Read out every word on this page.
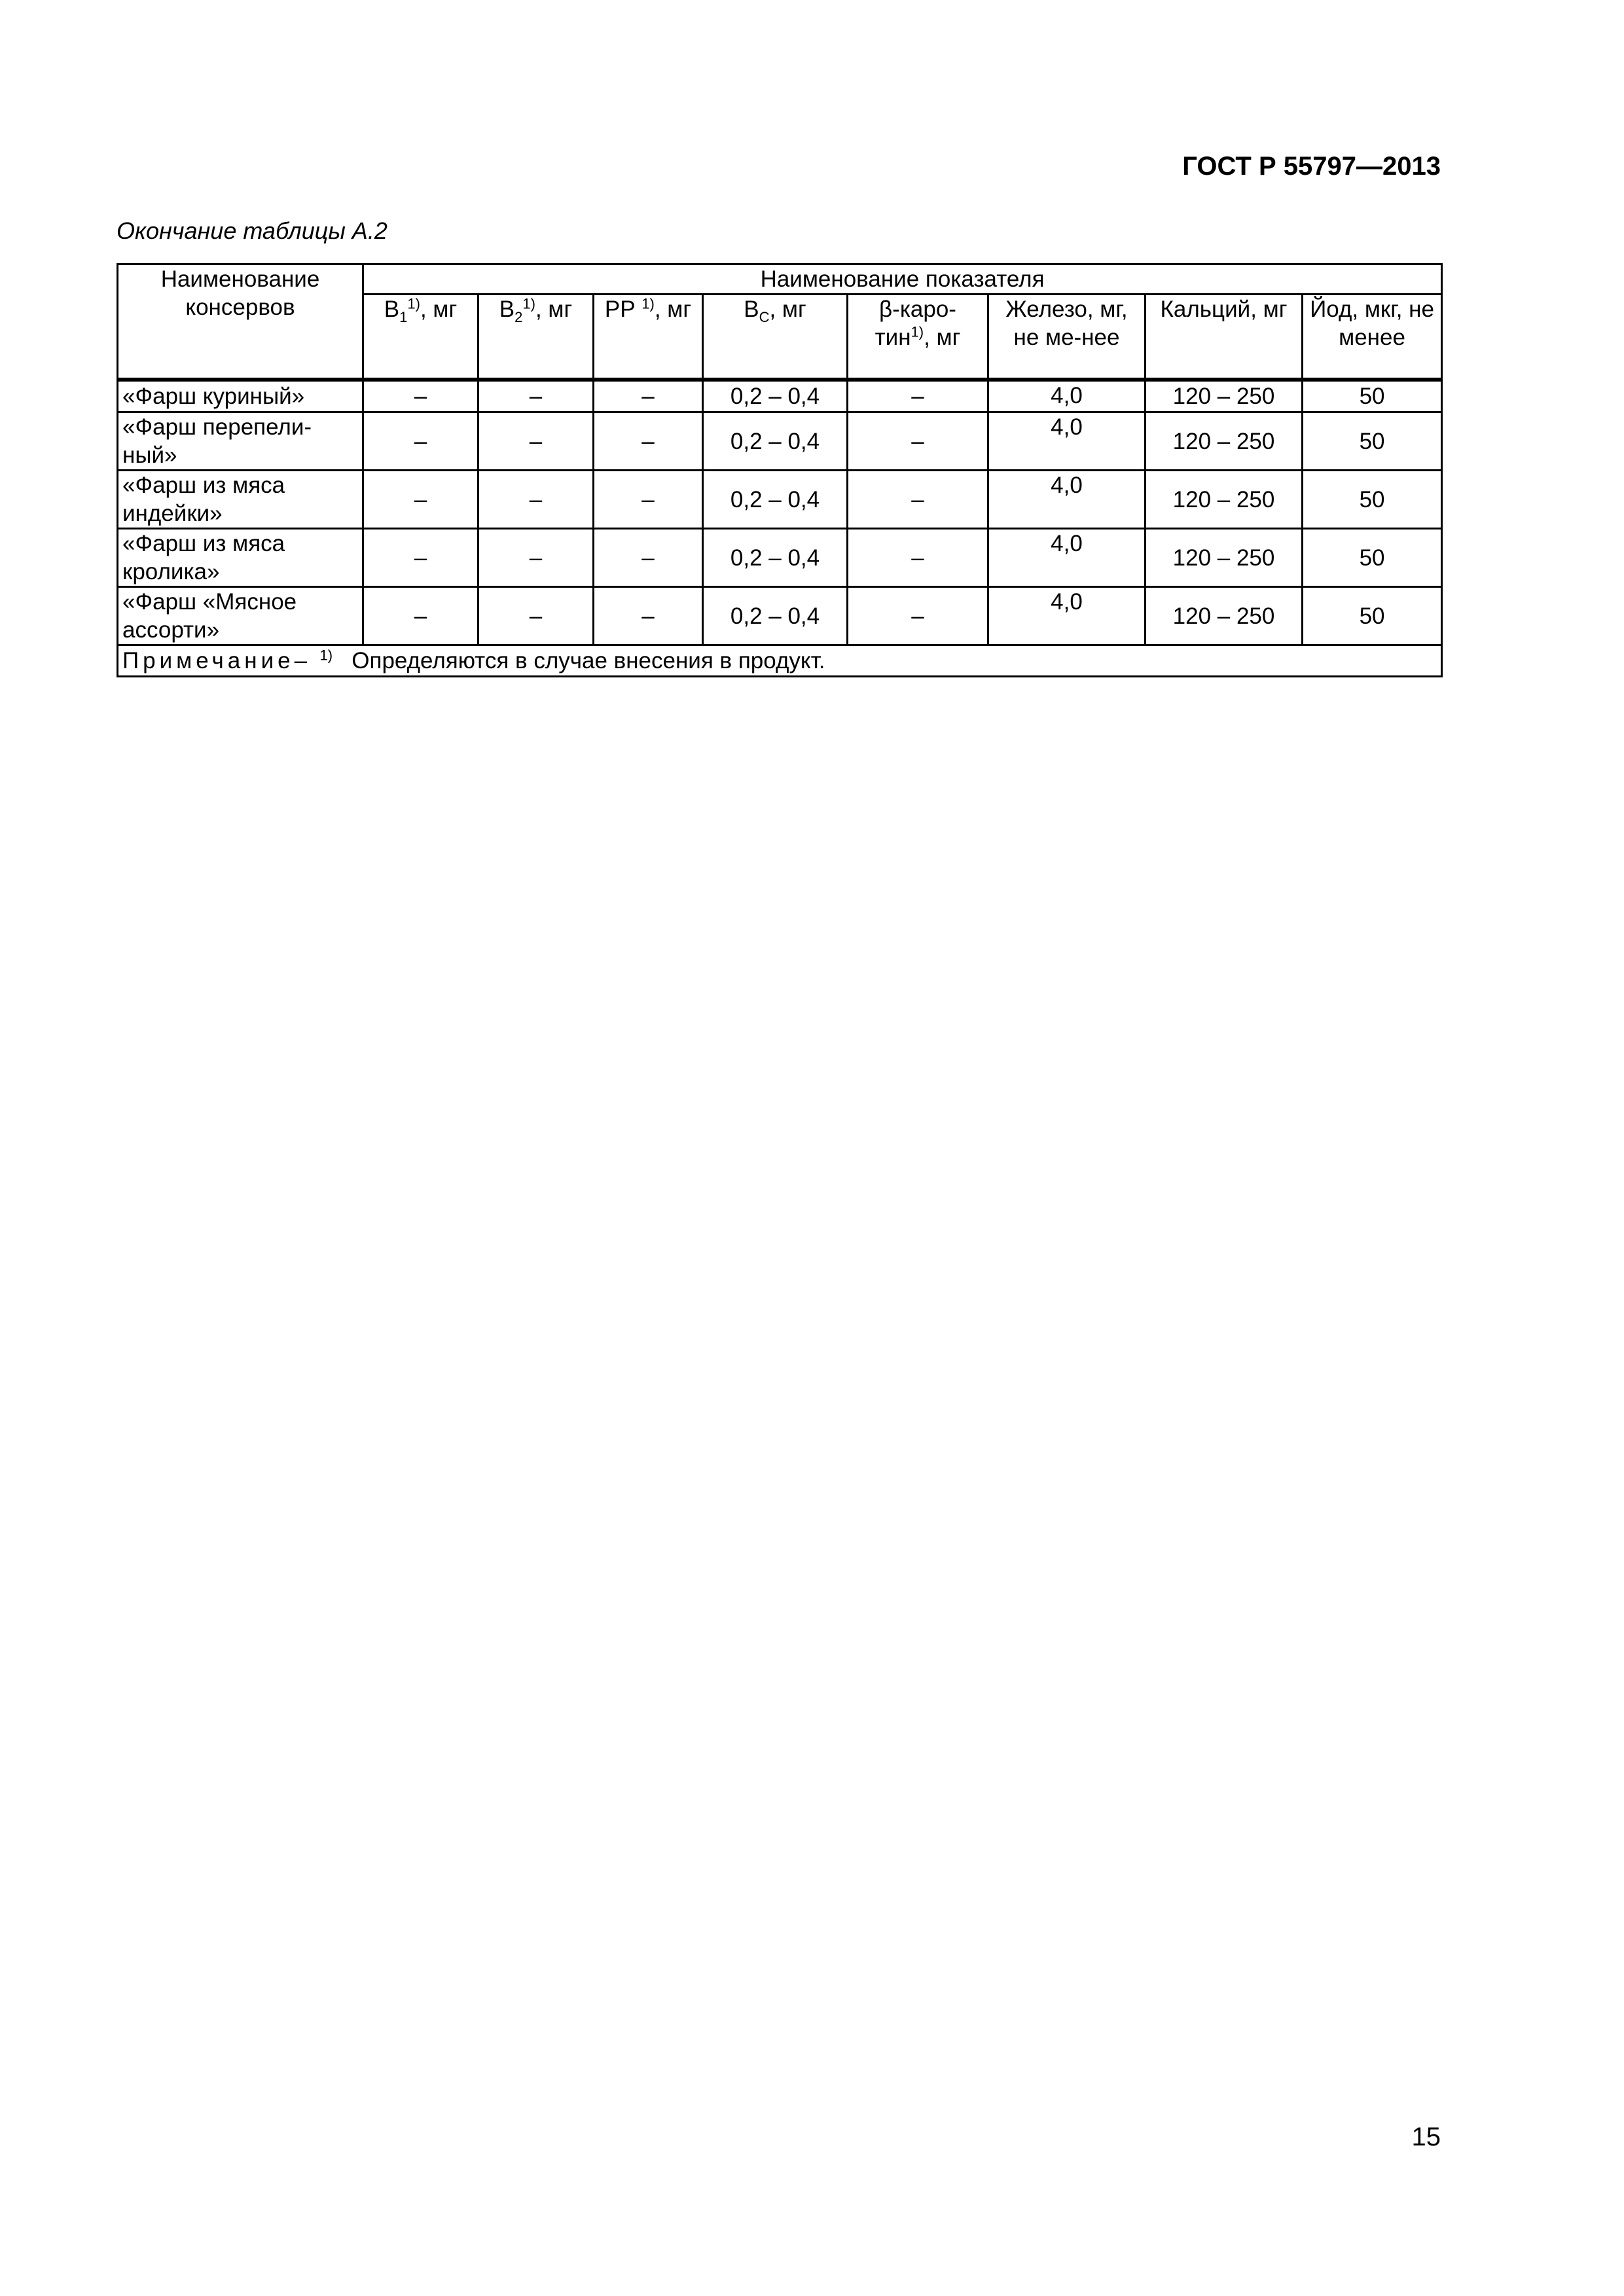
ГОСТ Р 55797—2013
Окончание таблицы А.2
Наименование консервов	Наименование показателя							
	$В_1^{1)}$, мг	$В_2^{1)}$, мг	РР $^{1)}$, мг	$В_С$, мг	β-каро-тин$^{1)}$, мг	Железо, мг, не ме-нее	Кальций, мг	Йод, мкг, не менее
«Фарш куриный»	–	–	–	0,2 – 0,4	–	4,0	120 – 250	50
«Фарш перепели-ный»	–	–	–	0,2 – 0,4	–	4,0	120 – 250	50
«Фарш из мяса индейки»	–	–	–	0,2 – 0,4	–	4,0	120 – 250	50
«Фарш из мяса кролика»	–	–	–	0,2 – 0,4	–	4,0	120 – 250	50
«Фарш «Мясное ассорти»	–	–	–	0,2 – 0,4	–	4,0	120 – 250	50
Примечание– $^{1)}$ Определяются в случае внесения в продукт.								
15
